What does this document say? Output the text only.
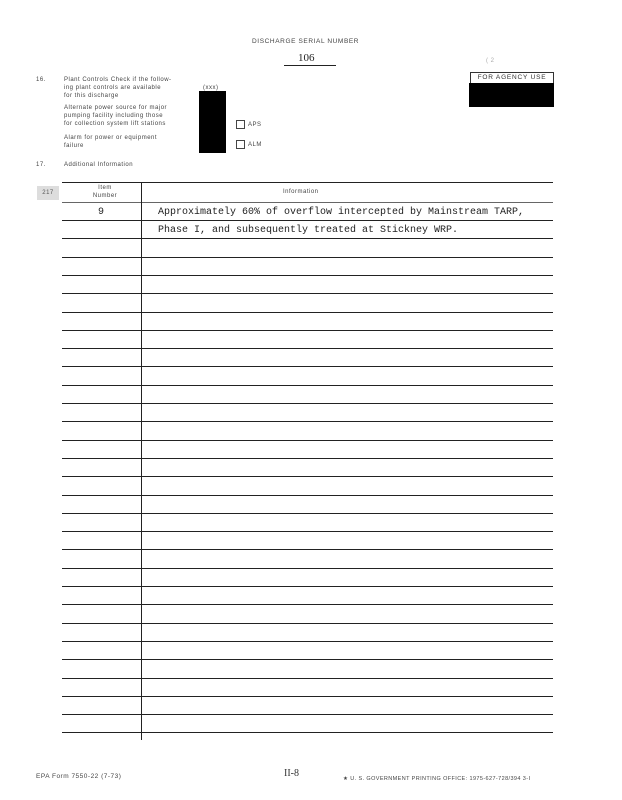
DISCHARGE SERIAL NUMBER
106	( 2
FOR AGENCY USE
16.	Plant Controls Check if the follow-
ing plant controls are available
for this discharge
(xxx)
Alternate power source for major
pumping facility including those
for collection system lift stations
Alarm for power or equipment
failure
APS
ALM
17.	Additional Information
217
Item
Number
Information
9	Approximately 60% of overflow intercepted by Mainstream TARP,
Phase I, and subsequently treated at Stickney WRP.
EPA Form 7550-22 (7-73)	II-8	★ U. S. GOVERNMENT PRINTING OFFICE: 1975-627-728/394 3-I
